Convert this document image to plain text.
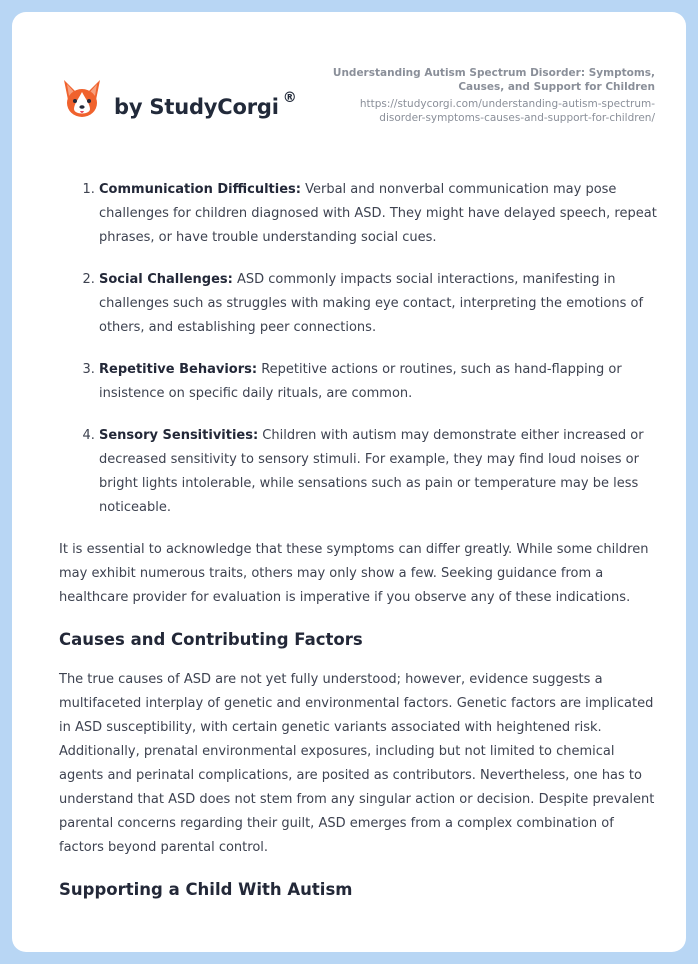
by StudyCorgi ®
Understanding Autism Spectrum Disorder: Symptoms, Causes, and Support for Children
https://studycorgi.com/understanding-autism-spectrum-disorder-symptoms-causes-and-support-for-children/
1. Communication Difficulties: Verbal and nonverbal communication may pose challenges for children diagnosed with ASD. They might have delayed speech, repeat phrases, or have trouble understanding social cues.
2. Social Challenges: ASD commonly impacts social interactions, manifesting in challenges such as struggles with making eye contact, interpreting the emotions of others, and establishing peer connections.
3. Repetitive Behaviors: Repetitive actions or routines, such as hand-flapping or insistence on specific daily rituals, are common.
4. Sensory Sensitivities: Children with autism may demonstrate either increased or decreased sensitivity to sensory stimuli. For example, they may find loud noises or bright lights intolerable, while sensations such as pain or temperature may be less noticeable.

It is essential to acknowledge that these symptoms can differ greatly. While some children may exhibit numerous traits, others may only show a few. Seeking guidance from a healthcare provider for evaluation is imperative if you observe any of these indications.

Causes and Contributing Factors

The true causes of ASD are not yet fully understood; however, evidence suggests a multifaceted interplay of genetic and environmental factors. Genetic factors are implicated in ASD susceptibility, with certain genetic variants associated with heightened risk. Additionally, prenatal environmental exposures, including but not limited to chemical agents and perinatal complications, are posited as contributors. Nevertheless, one has to understand that ASD does not stem from any singular action or decision. Despite prevalent parental concerns regarding their guilt, ASD emerges from a complex combination of factors beyond parental control.

Supporting a Child With Autism
